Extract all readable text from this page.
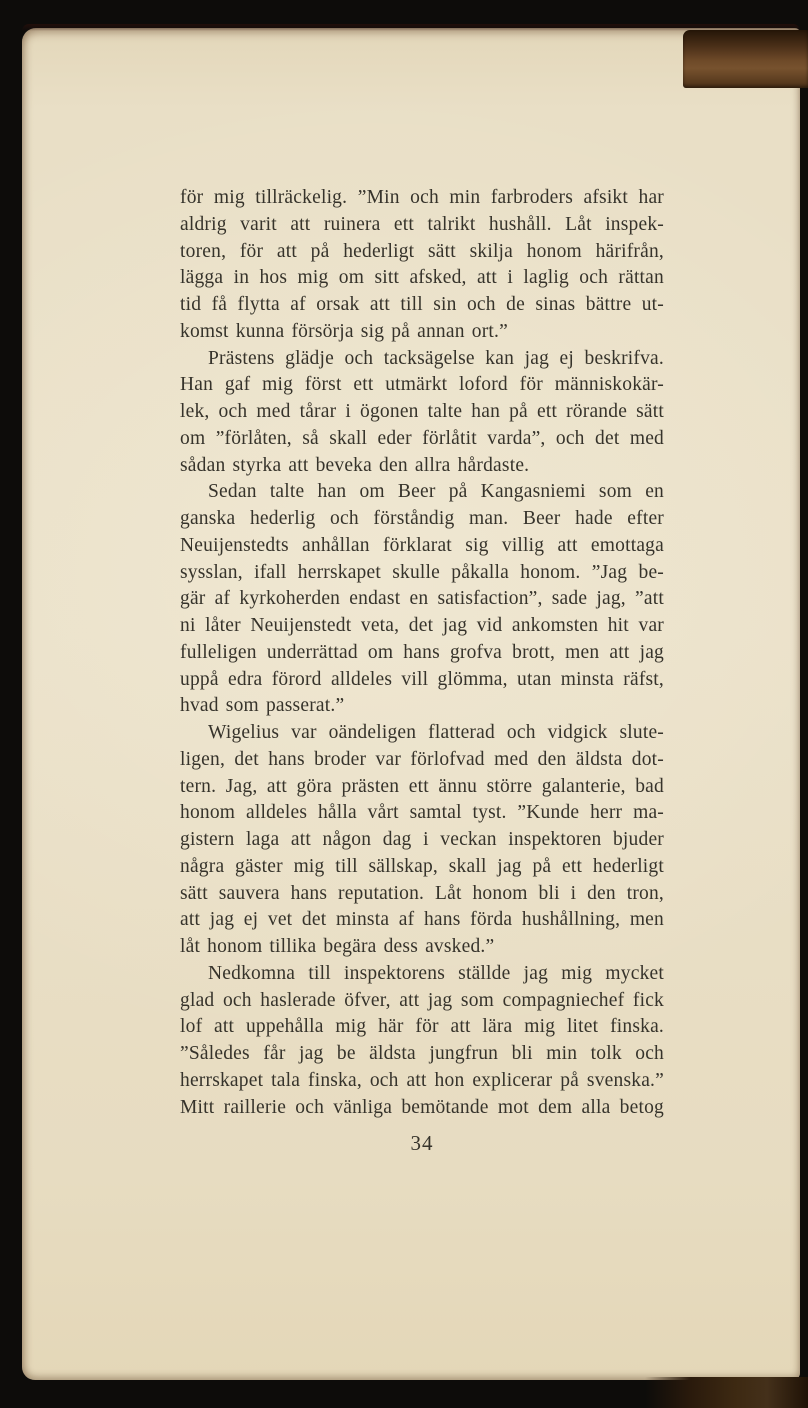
för mig tillräckelig. ”Min och min farbroders afsikt har
aldrig varit att ruinera ett talrikt hushåll. Låt inspek-
toren, för att på hederligt sätt skilja honom härifrån,
lägga in hos mig om sitt afsked, att i laglig och rättan
tid få flytta af orsak att till sin och de sinas bättre ut-
komst kunna försörja sig på annan ort.”
Prästens glädje och tacksägelse kan jag ej beskrifva.
Han gaf mig först ett utmärkt loford för människokär-
lek, och med tårar i ögonen talte han på ett rörande sätt
om ”förlåten, så skall eder förlåtit varda”, och det med
sådan styrka att beveka den allra hårdaste.
Sedan talte han om Beer på Kangasniemi som en
ganska hederlig och förståndig man. Beer hade efter
Neuijenstedts anhållan förklarat sig villig att emottaga
sysslan, ifall herrskapet skulle påkalla honom. ”Jag be-
gär af kyrkoherden endast en satisfaction”, sade jag, ”att
ni låter Neuijenstedt veta, det jag vid ankomsten hit var
fulleligen underrättad om hans grofva brott, men att jag
uppå edra förord alldeles vill glömma, utan minsta räfst,
hvad som passerat.”
Wigelius var oändeligen flatterad och vidgick slute-
ligen, det hans broder var förlofvad med den äldsta dot-
tern. Jag, att göra prästen ett ännu större galanterie, bad
honom alldeles hålla vårt samtal tyst. ”Kunde herr ma-
gistern laga att någon dag i veckan inspektoren bjuder
några gäster mig till sällskap, skall jag på ett hederligt
sätt sauvera hans reputation. Låt honom bli i den tron,
att jag ej vet det minsta af hans förda hushållning, men
låt honom tillika begära dess avsked.”
Nedkomna till inspektorens ställde jag mig mycket
glad och haslerade öfver, att jag som compagniechef fick
lof att uppehålla mig här för att lära mig litet finska.
”Således får jag be äldsta jungfrun bli min tolk och
herrskapet tala finska, och att hon explicerar på svenska.”
Mitt raillerie och vänliga bemötande mot dem alla betog
34
